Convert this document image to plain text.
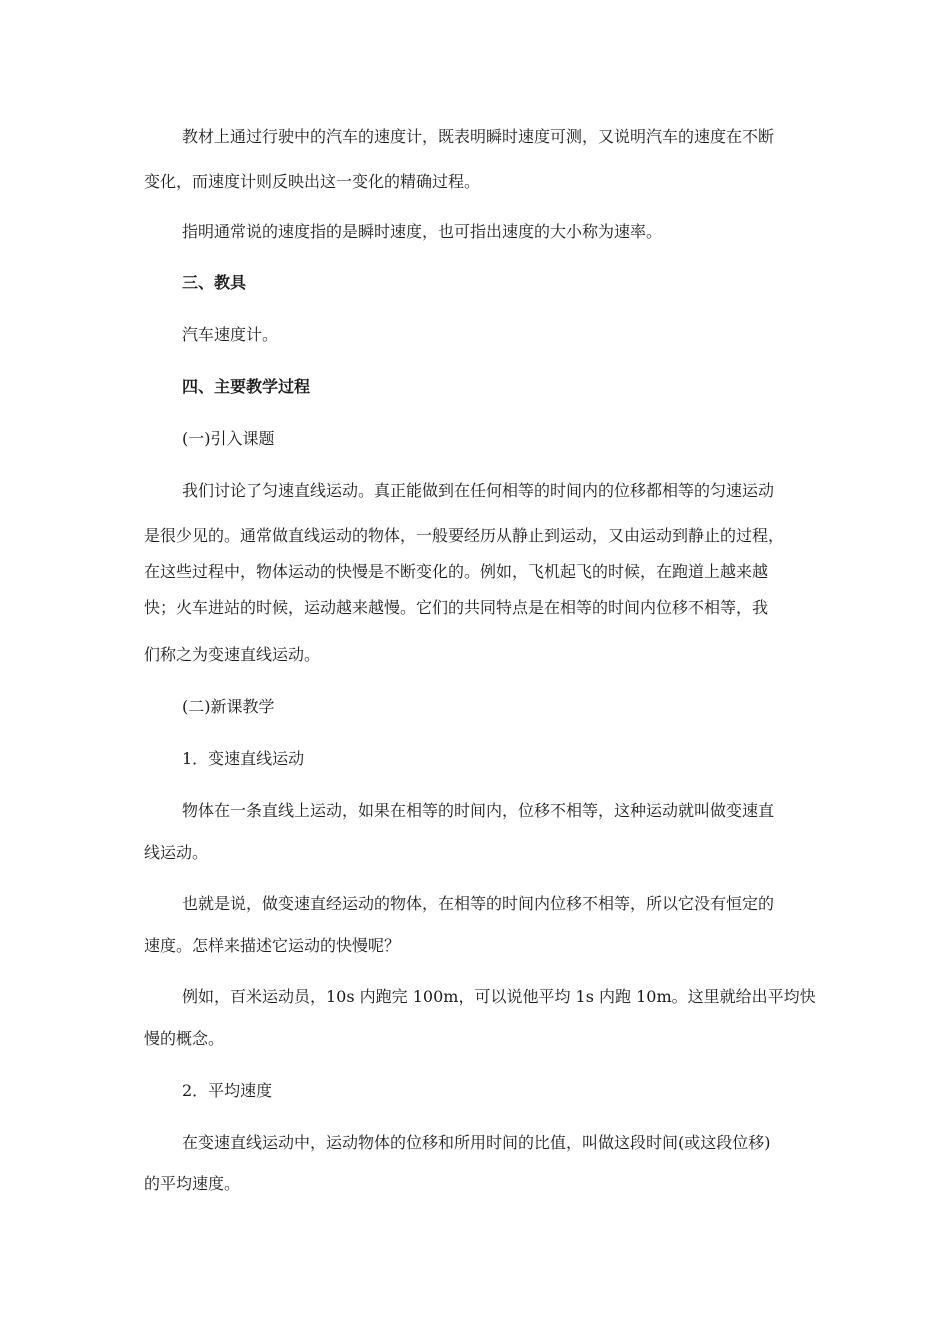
教材上通过行驶中的汽车的速度计，既表明瞬时速度可测，又说明汽车的速度在不断
变化，而速度计则反映出这一变化的精确过程。
指明通常说的速度指的是瞬时速度，也可指出速度的大小称为速率。
三、教具
汽车速度计。
四、主要教学过程
(一)引入课题
我们讨论了匀速直线运动。真正能做到在任何相等的时间内的位移都相等的匀速运动
是很少见的。通常做直线运动的物体，一般要经历从静止到运动，又由运动到静止的过程，
在这些过程中，物体运动的快慢是不断变化的。例如，飞机起飞的时候，在跑道上越来越
快；火车进站的时候，运动越来越慢。它们的共同特点是在相等的时间内位移不相等，我
们称之为变速直线运动。
(二)新课教学
1．变速直线运动
物体在一条直线上运动，如果在相等的时间内，位移不相等，这种运动就叫做变速直
线运动。
也就是说，做变速直经运动的物体，在相等的时间内位移不相等，所以它没有恒定的
速度。怎样来描述它运动的快慢呢？
例如，百米运动员，10s 内跑完 100m，可以说他平均 1s 内跑 10m。这里就给出平均快
慢的概念。
2．平均速度
在变速直线运动中，运动物体的位移和所用时间的比值，叫做这段时间(或这段位移)
的平均速度。
